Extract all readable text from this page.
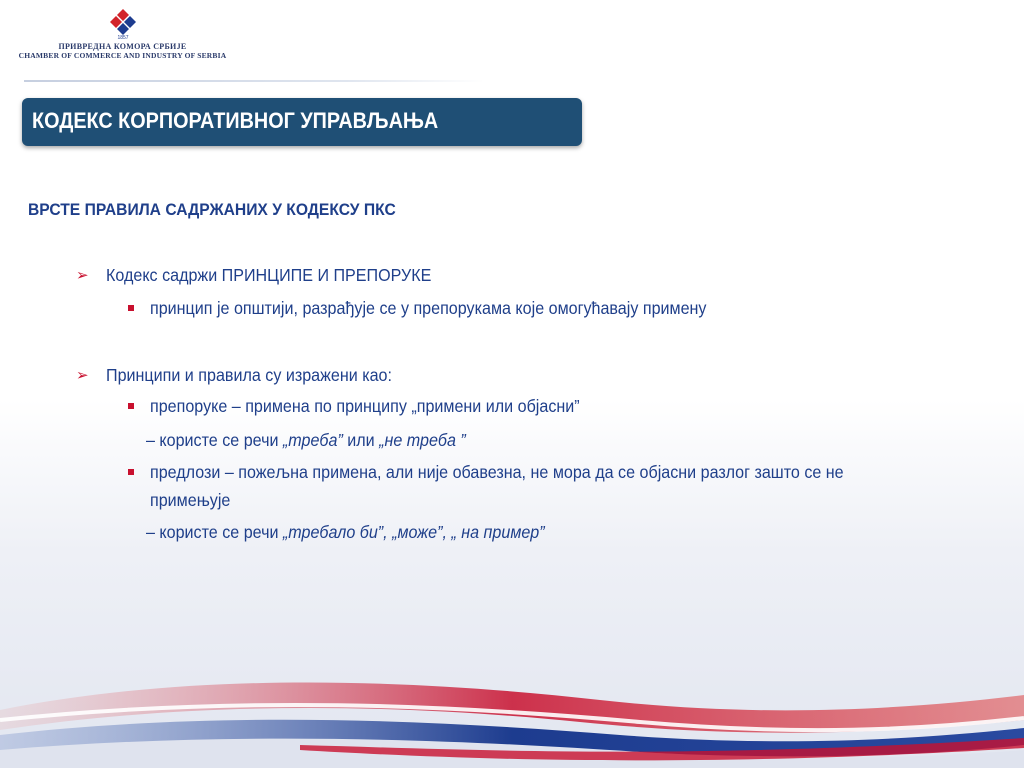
1857
ПРИВРЕДНА КОМОРА СРБИЈЕ
CHAMBER OF COMMERCE AND INDUSTRY OF SERBIA
КОДЕКС КОРПОРАТИВНОГ УПРАВЉАЊА
ВРСТЕ ПРАВИЛА САДРЖАНИХ У КОДЕКСУ ПКС
➢ Кодекс садржи ПРИНЦИПЕ И ПРЕПОРУКЕ
принцип је општији, разрађује се у препорукама које омогућавају примену
➢ Принципи и правила су изражени као:
препоруке – примена по принципу „примени или објасни”
– користе се речи „треба” или „не треба ”
предлози – пожељна примена, али није обавезна, не мора да се објасни разлог зашто се не
примењује
– користе се речи „требало би”, „може”, „ на пример”
